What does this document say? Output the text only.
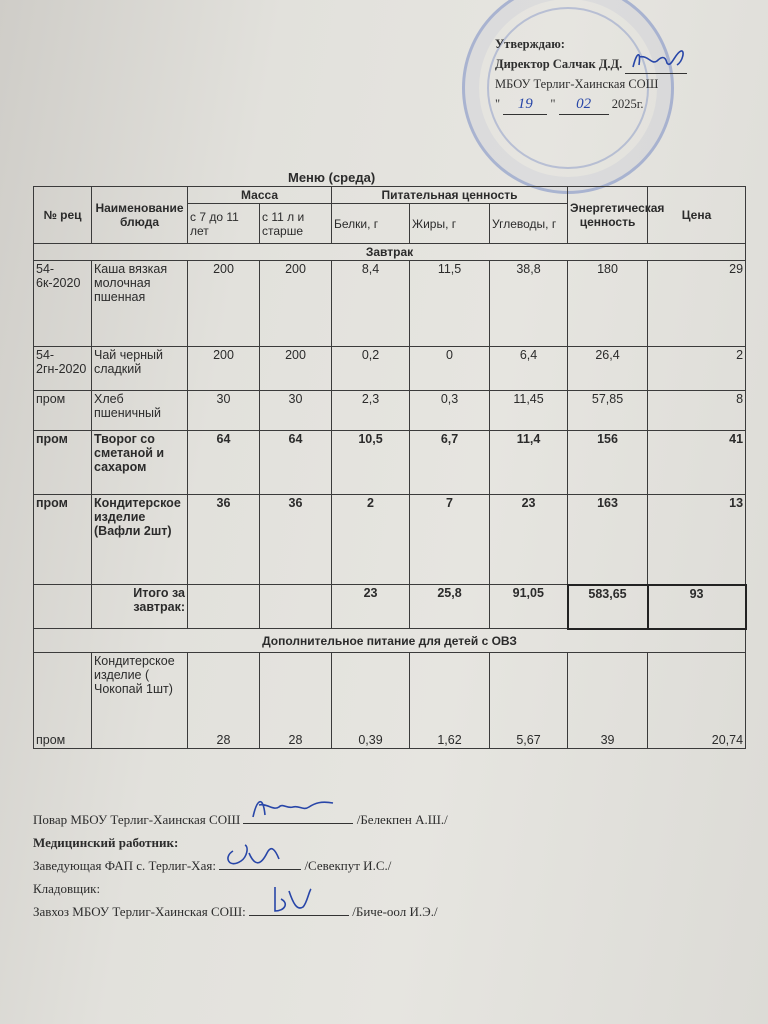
Утверждаю:
Директор Салчак Д.Д.
МБОУ Терлиг-Хаинская СОШ
" 19 " 02 2025г.
Меню (среда)
№ рец	Наименование блюда	Масса		Питательная ценность			Энергетическая ценность	Цена
		с 7 до 11 лет	с 11 л и старше	Белки, г	Жиры, г	Углеводы, г		
Завтрак								
54-6к-2020	Каша вязкая молочная пшенная	200	200	8,4	11,5	38,8	180	29
54-2гн-2020	Чай черный сладкий	200	200	0,2	0	6,4	26,4	2
пром	Хлеб пшеничный	30	30	2,3	0,3	11,45	57,85	8
пром	Творог со сметаной и сахаром	64	64	10,5	6,7	11,4	156	41
пром	Кондитерское изделие (Вафли 2шт)	36	36	2	7	23	163	13
	Итого за завтрак:			23	25,8	91,05	583,65	93
Дополнительное питание для детей с ОВЗ								
пром	Кондитерское изделие ( Чокопай 1шт)	28	28	0,39	1,62	5,67	39	20,74
Повар МБОУ Терлиг-Хаинская СОШ	/Белекпен А.Ш./
Медицинский работник:
Заведующая ФАП с. Терлиг-Хая:	/Севекпут И.С./
Кладовщик:
Завхоз МБОУ Терлиг-Хаинская СОШ:	/Биче-оол И.Э./
